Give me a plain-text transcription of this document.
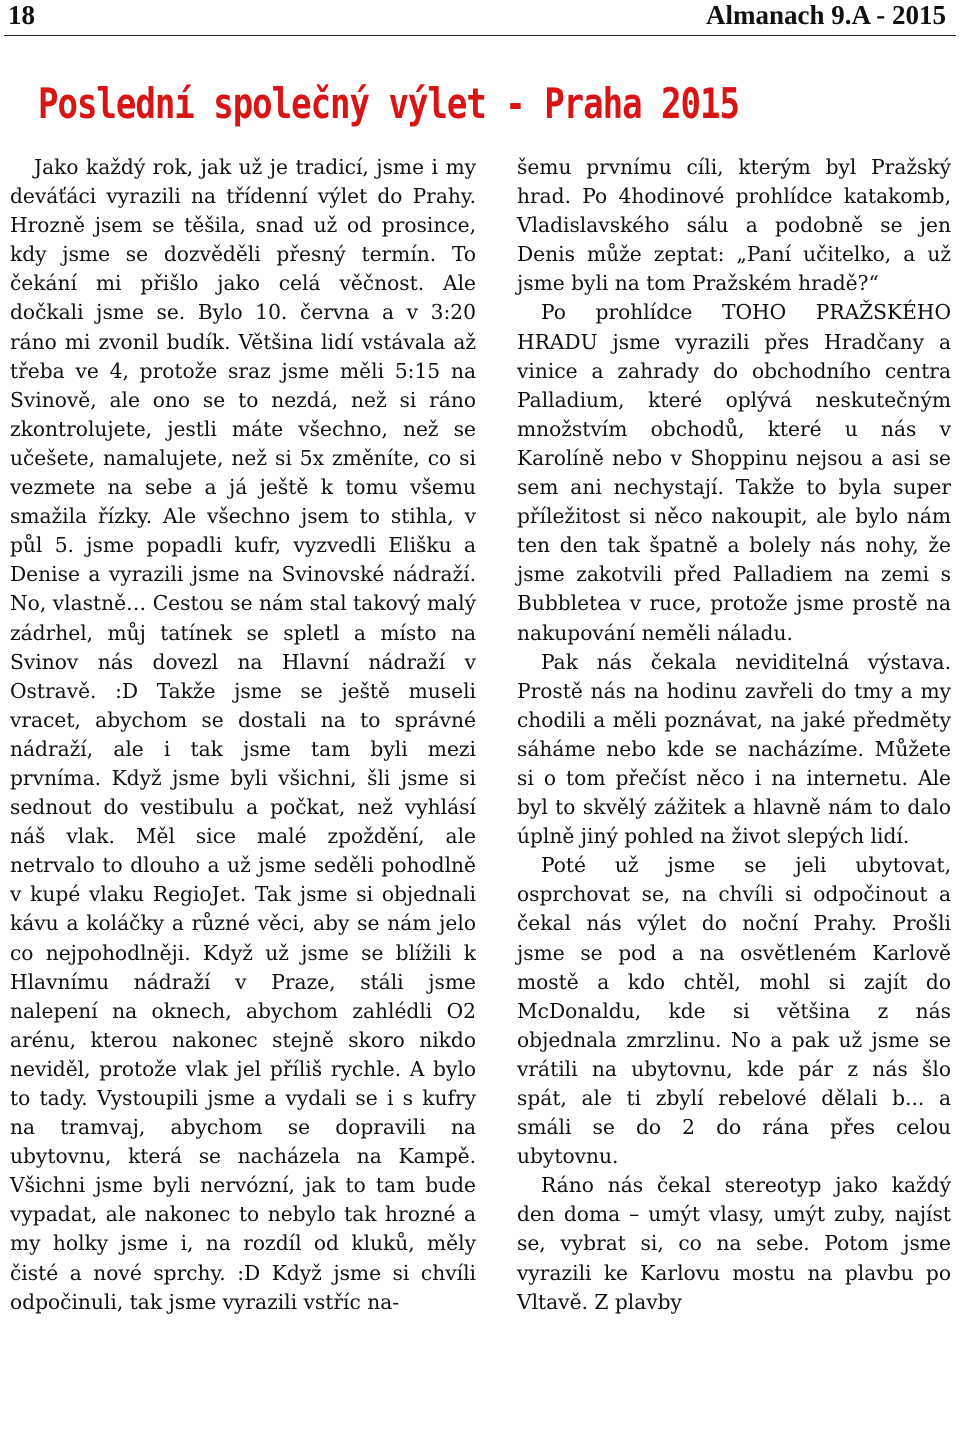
18	Almanach 9.A - 2015
Poslední společný výlet - Praha 2015

Jako každý rok, jak už je tradicí, jsme i my deváťáci vyrazili na třídenní výlet do Prahy. Hrozně jsem se těšila, snad už od prosince, kdy jsme se dozvěděli přesný termín. To čekání mi přišlo jako celá věčnost. Ale dočkali jsme se. Bylo 10. června a v 3:20 ráno mi zvonil budík. Většina lidí vstávala až třeba ve 4, protože sraz jsme měli 5:15 na Svinově, ale ono se to nezdá, než si ráno zkontrolujete, jestli máte všechno, než se učešete, namalujete, než si 5x změníte, co si vezmete na sebe a já ještě k tomu všemu smažila řízky. Ale všechno jsem to stihla, v půl 5. jsme popadli kufr, vyzvedli Elišku a Denise a vyrazili jsme na Svinovské nádraží. No, vlastně… Cestou se nám stal takový malý zádrhel, můj tatínek se spletl a místo na Svinov nás dovezl na Hlavní nádraží v Ostravě. :D Takže jsme se ještě museli vracet, abychom se dostali na to správné nádraží, ale i tak jsme tam byli mezi prvníma. Když jsme byli všichni, šli jsme si sednout do vestibulu a počkat, než vyhlásí náš vlak. Měl sice malé zpoždění, ale netrvalo to dlouho a už jsme seděli pohodlně v kupé vlaku RegioJet. Tak jsme si objednali kávu a koláčky a různé věci, aby se nám jelo co nejpohodlněji. Když už jsme se blížili k Hlavnímu nádraží v Praze, stáli jsme nalepení na oknech, abychom zahlédli O2 arénu, kterou nakonec stejně skoro nikdo neviděl, protože vlak jel příliš rychle. A bylo to tady. Vystoupili jsme a vydali se i s kufry na tramvaj, abychom se dopravili na ubytovnu, která se nacházela na Kampě. Všichni jsme byli nervózní, jak to tam bude vypadat, ale nakonec to nebylo tak hrozné a my holky jsme i, na rozdíl od kluků, měly čisté a nové sprchy. :D Když jsme si chvíli odpočinuli, tak jsme vyrazili vstříc na-

šemu prvnímu cíli, kterým byl Pražský hrad. Po 4hodinové prohlídce katakomb, Vladislavského sálu a podobně se jen Denis může zeptat: „Paní učitelko, a už jsme byli na tom Pražském hradě?“

Po prohlídce TOHO PRAŽSKÉHO HRADU jsme vyrazili přes Hradčany a vinice a zahrady do obchodního centra Palladium, které oplývá neskutečným množstvím obchodů, které u nás v Karolíně nebo v Shoppinu nejsou a asi se sem ani nechystají. Takže to byla super příležitost si něco nakoupit, ale bylo nám ten den tak špatně a bolely nás nohy, že jsme zakotvili před Palladiem na zemi s Bubbletea v ruce, protože jsme prostě na nakupování neměli náladu.

Pak nás čekala neviditelná výstava. Prostě nás na hodinu zavřeli do tmy a my chodili a měli poznávat, na jaké předměty sáháme nebo kde se nacházíme. Můžete si o tom přečíst něco i na internetu. Ale byl to skvělý zážitek a hlavně nám to dalo úplně jiný pohled na život slepých lidí.

Poté už jsme se jeli ubytovat, osprchovat se, na chvíli si odpočinout a čekal nás výlet do noční Prahy. Prošli jsme se pod a na osvětleném Karlově mostě a kdo chtěl, mohl si zajít do McDonaldu, kde si většina z nás objednala zmrzlinu. No a pak už jsme se vrátili na ubytovnu, kde pár z nás šlo spát, ale ti zbylí rebelové dělali b... a smáli se do 2 do rána přes celou ubytovnu.

Ráno nás čekal stereotyp jako každý den doma – umýt vlasy, umýt zuby, najíst se, vybrat si, co na sebe. Potom jsme vyrazili ke Karlovu mostu na plavbu po Vltavě. Z plavby
